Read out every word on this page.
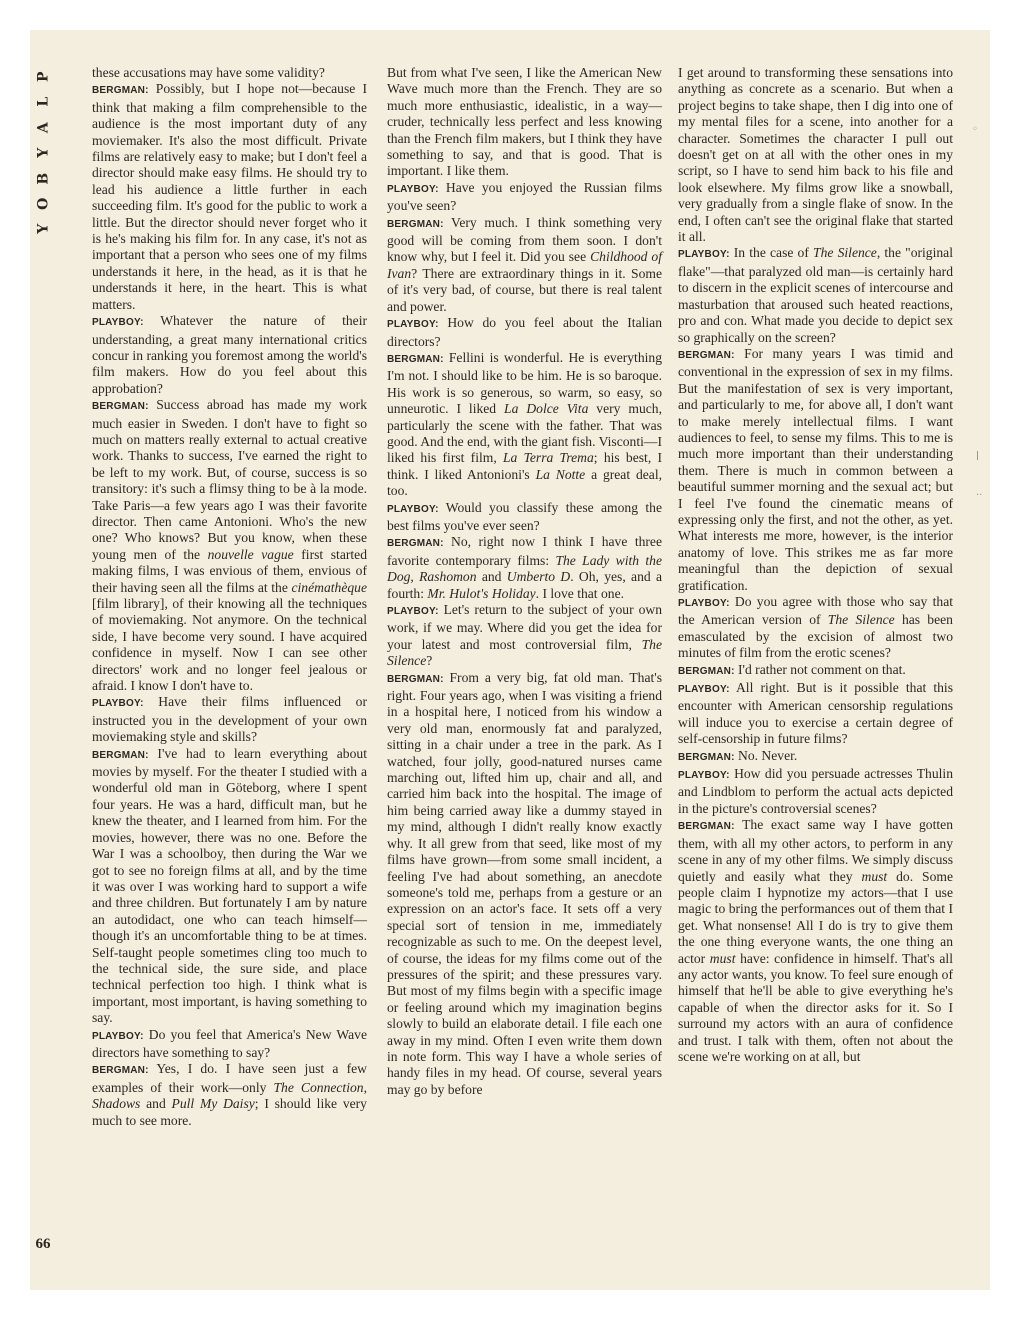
P
L
A
Y
B
O
Y

these accusations may have some validity?

BERGMAN: Possibly, but I hope not—because I think that making a film comprehensible to the audience is the most important duty of any moviemaker. It's also the most difficult. Private films are relatively easy to make; but I don't feel a director should make easy films. He should try to lead his audience a little further in each succeeding film. It's good for the public to work a little. But the director should never forget who it is he's making his film for. In any case, it's not as important that a person who sees one of my films understands it here, in the head, as it is that he understands it here, in the heart. This is what matters.

PLAYBOY: Whatever the nature of their understanding, a great many international critics concur in ranking you foremost among the world's film makers. How do you feel about this approbation?

BERGMAN: Success abroad has made my work much easier in Sweden. I don't have to fight so much on matters really external to actual creative work. Thanks to success, I've earned the right to be left to my work. But, of course, success is so transitory: it's such a flimsy thing to be à la mode. Take Paris—a few years ago I was their favorite director. Then came Antonioni. Who's the new one? Who knows? But you know, when these young men of the nouvelle vague first started making films, I was envious of them, envious of their having seen all the films at the cinémathèque [film library], of their knowing all the techniques of moviemaking. Not anymore. On the technical side, I have become very sound. I have acquired confidence in myself. Now I can see other directors' work and no longer feel jealous or afraid. I know I don't have to.

PLAYBOY: Have their films influenced or instructed you in the development of your own moviemaking style and skills?

BERGMAN: I've had to learn everything about movies by myself. For the theater I studied with a wonderful old man in Göteborg, where I spent four years. He was a hard, difficult man, but he knew the theater, and I learned from him. For the movies, however, there was no one. Before the War I was a schoolboy, then during the War we got to see no foreign films at all, and by the time it was over I was working hard to support a wife and three children. But fortunately I am by nature an autodidact, one who can teach himself—though it's an uncomfortable thing to be at times. Self-taught people sometimes cling too much to the technical side, the sure side, and place technical perfection too high. I think what is important, most important, is having something to say.

PLAYBOY: Do you feel that America's New Wave directors have something to say?

BERGMAN: Yes, I do. I have seen just a few examples of their work—only The Connection, Shadows and Pull My Daisy; I should like very much to see more.

But from what I've seen, I like the American New Wave much more than the French. They are so much more enthusiastic, idealistic, in a way—cruder, technically less perfect and less knowing than the French film makers, but I think they have something to say, and that is good. That is important. I like them.

PLAYBOY: Have you enjoyed the Russian films you've seen?

BERGMAN: Very much. I think something very good will be coming from them soon. I don't know why, but I feel it. Did you see Childhood of Ivan? There are extraordinary things in it. Some of it's very bad, of course, but there is real talent and power.

PLAYBOY: How do you feel about the Italian directors?

BERGMAN: Fellini is wonderful. He is everything I'm not. I should like to be him. He is so baroque. His work is so generous, so warm, so easy, so unneurotic. I liked La Dolce Vita very much, particularly the scene with the father. That was good. And the end, with the giant fish. Visconti—I liked his first film, La Terra Trema; his best, I think. I liked Antonioni's La Notte a great deal, too.

PLAYBOY: Would you classify these among the best films you've ever seen?

BERGMAN: No, right now I think I have three favorite contemporary films: The Lady with the Dog, Rashomon and Umberto D. Oh, yes, and a fourth: Mr. Hulot's Holiday. I love that one.

PLAYBOY: Let's return to the subject of your own work, if we may. Where did you get the idea for your latest and most controversial film, The Silence?

BERGMAN: From a very big, fat old man. That's right. Four years ago, when I was visiting a friend in a hospital here, I noticed from his window a very old man, enormously fat and paralyzed, sitting in a chair under a tree in the park. As I watched, four jolly, good-natured nurses came marching out, lifted him up, chair and all, and carried him back into the hospital. The image of him being carried away like a dummy stayed in my mind, although I didn't really know exactly why. It all grew from that seed, like most of my films have grown—from some small incident, a feeling I've had about something, an anecdote someone's told me, perhaps from a gesture or an expression on an actor's face. It sets off a very special sort of tension in me, immediately recognizable as such to me. On the deepest level, of course, the ideas for my films come out of the pressures of the spirit; and these pressures vary. But most of my films begin with a specific image or feeling around which my imagination begins slowly to build an elaborate detail. I file each one away in my mind. Often I even write them down in note form. This way I have a whole series of handy files in my head. Of course, several years may go by before

I get around to transforming these sensations into anything as concrete as a scenario. But when a project begins to take shape, then I dig into one of my mental files for a scene, into another for a character. Sometimes the character I pull out doesn't get on at all with the other ones in my script, so I have to send him back to his file and look elsewhere. My films grow like a snowball, very gradually from a single flake of snow. In the end, I often can't see the original flake that started it all.

PLAYBOY: In the case of The Silence, the "original flake"—that paralyzed old man—is certainly hard to discern in the explicit scenes of intercourse and masturbation that aroused such heated reactions, pro and con. What made you decide to depict sex so graphically on the screen?

BERGMAN: For many years I was timid and conventional in the expression of sex in my films. But the manifestation of sex is very important, and particularly to me, for above all, I don't want to make merely intellectual films. I want audiences to feel, to sense my films. This to me is much more important than their understanding them. There is much in common between a beautiful summer morning and the sexual act; but I feel I've found the cinematic means of expressing only the first, and not the other, as yet. What interests me more, however, is the interior anatomy of love. This strikes me as far more meaningful than the depiction of sexual gratification.

PLAYBOY: Do you agree with those who say that the American version of The Silence has been emasculated by the excision of almost two minutes of film from the erotic scenes?

BERGMAN: I'd rather not comment on that.

PLAYBOY: All right. But is it possible that this encounter with American censorship regulations will induce you to exercise a certain degree of self-censorship in future films?

BERGMAN: No. Never.

PLAYBOY: How did you persuade actresses Thulin and Lindblom to perform the actual acts depicted in the picture's controversial scenes?

BERGMAN: The exact same way I have gotten them, with all my other actors, to perform in any scene in any of my other films. We simply discuss quietly and easily what they must do. Some people claim I hypnotize my actors—that I use magic to bring the performances out of them that I get. What nonsense! All I do is try to give them the one thing everyone wants, the one thing an actor must have: confidence in himself. That's all any actor wants, you know. To feel sure enough of himself that he'll be able to give everything he's capable of when the director asks for it. So I surround my actors with an aura of confidence and trust. I talk with them, often not about the scene we're working on at all, but

66
◦
ǀ
··
